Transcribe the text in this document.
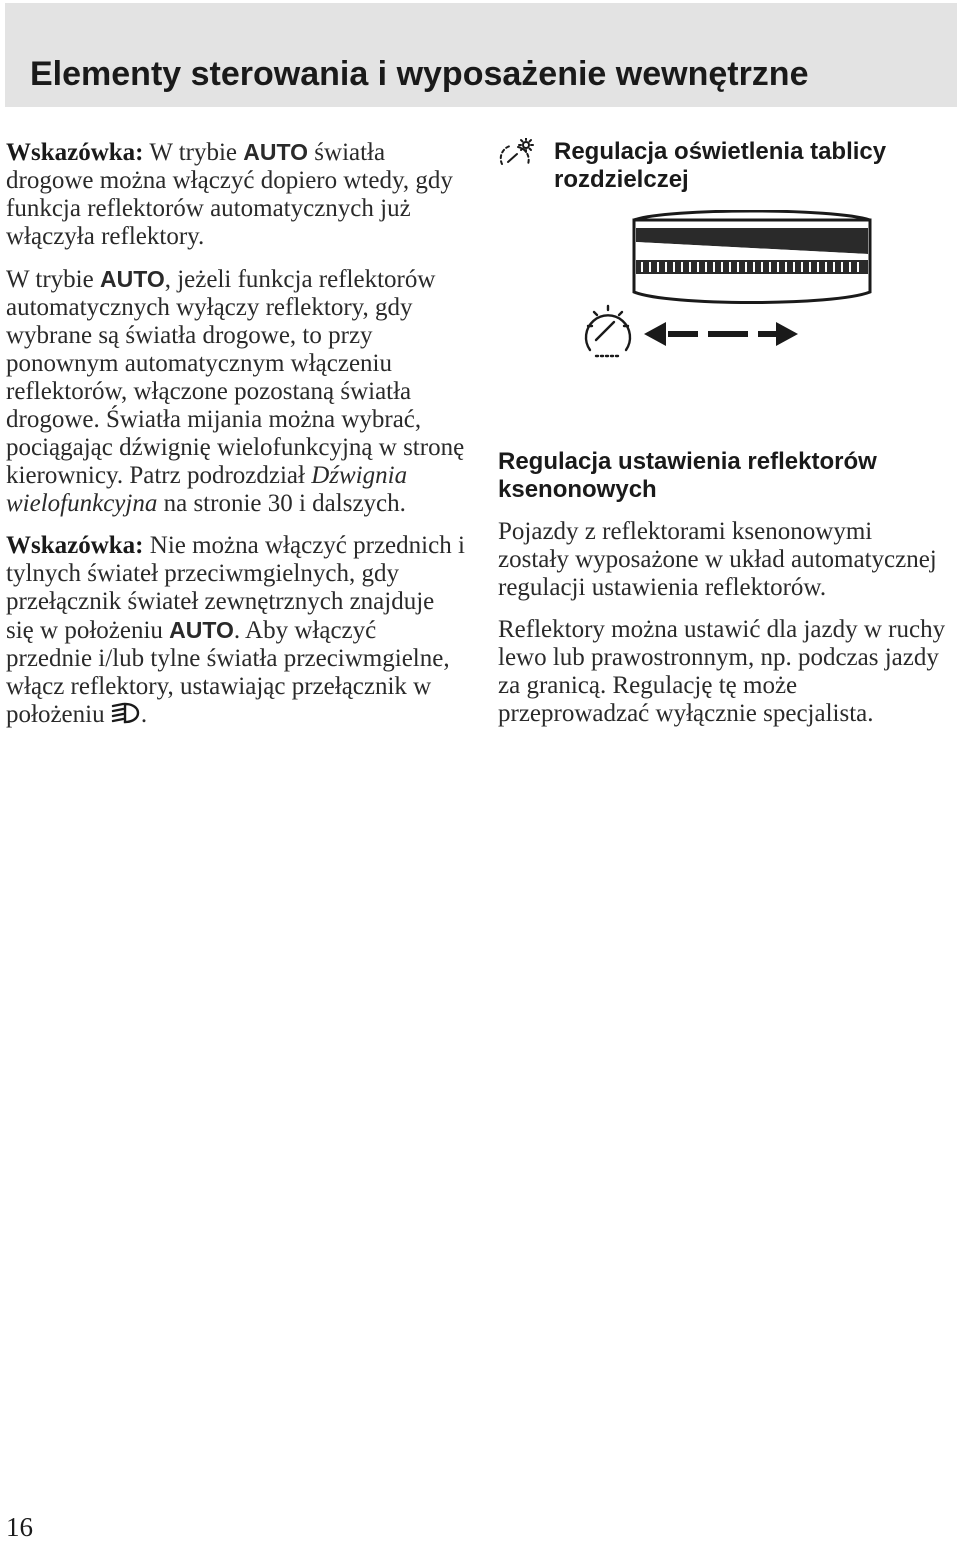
Elementy sterowania i wyposażenie wewnętrzne

Wskazówka: W trybie AUTO światła drogowe można włączyć dopiero wtedy, gdy funkcja reflektorów automatycznych już włączyła reflektory.

W trybie AUTO, jeżeli funkcja reflektorów automatycznych wyłączy reflektory, gdy wybrane są światła drogowe, to przy ponownym automatycznym włączeniu reflektorów, włączone pozostaną światła drogowe. Światła mijania można wybrać, pociągając dźwignię wielofunkcyjną w stronę kierownicy. Patrz podrozdział Dźwignia wielofunkcyjna na stronie 30 i dalszych.

Wskazówka: Nie można włączyć przednich i tylnych świateł przeciwmgielnych, gdy przełącznik świateł zewnętrznych znajduje się w położeniu AUTO. Aby włączyć przednie i/lub tylne światła przeciwmgielne, włącz reflektory, ustawiając przełącznik w położeniu .

Regulacja oświetlenia tablicy rozdzielczej
Regulacja ustawienia reflektorów ksenonowych

Pojazdy z reflektorami ksenonowymi zostały wyposażone w układ automatycznej regulacji ustawienia reflektorów.

Reflektory można ustawić dla jazdy w ruchy lewo lub prawostronnym, np. podczas jazdy za granicą. Regulację tę może przeprowadzać wyłącznie specjalista.

16
